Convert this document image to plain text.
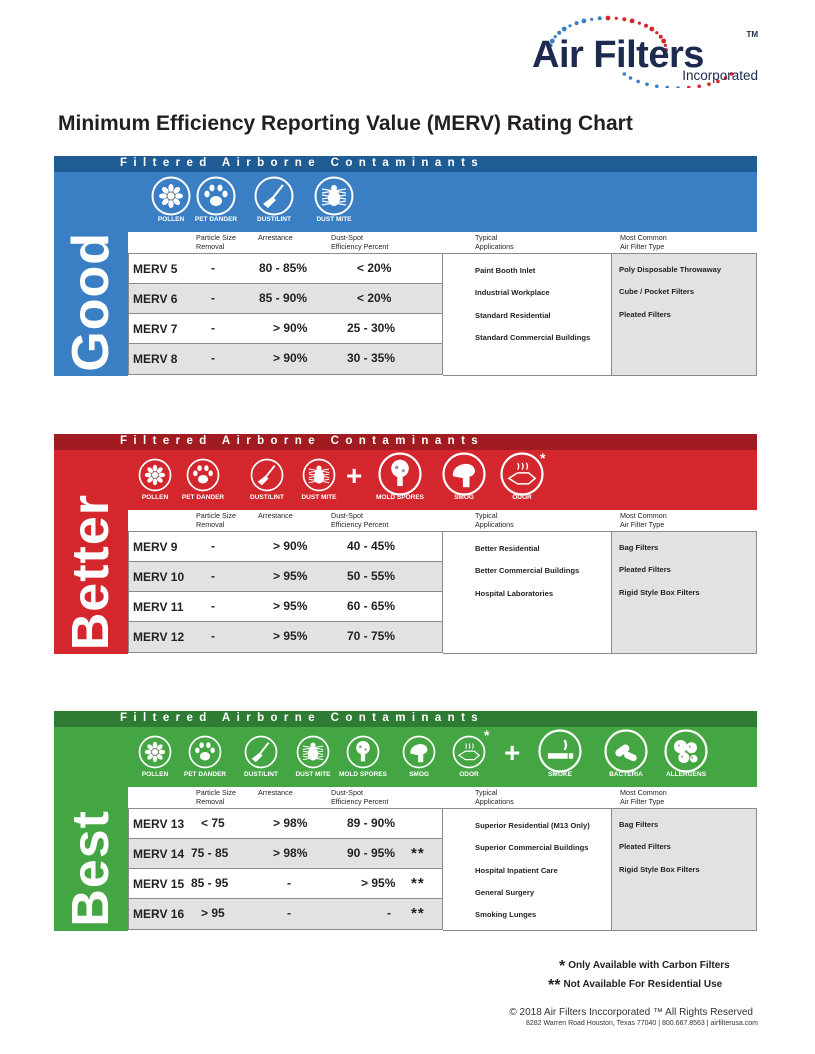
Air Filters	TM
Incorporated
Minimum Efficiency Reporting Value (MERV) Rating Chart
Filtered Airborne Contaminants
Good
POLLEN PET DANDER	DUST/LINT	DUST MITE
Particle Size
Removal
Arrestance	Dust-Spot
Efficiency Percent
Typical
Applications
Most Common
Air Filter Type
MERV 5	-	80 - 85%	< 20%
MERV 6	-	85 - 90%	< 20%
MERV 7	-	> 90%	25 - 30%
MERV 8	-	> 90%	30 - 35%
Paint Booth Inlet
Industrial Workplace
Standard Residential
Standard Commercial Buildings
Poly Disposable Throwaway
Cube / Pocket Filters
Pleated Filters
Filtered Airborne Contaminants
Better	POLLEN PET DANDER	DUST/LINT	DUST MITE	MOLD SPORES	SMOG	ODOR
+
*
Particle Size
Removal
Arrestance	Dust-Spot
Efficiency Percent
Typical
Applications
Most Common
Air Filter Type
MERV 9	-	> 90%	40 - 45%
MERV 10 -	> 95%	50 - 55%
MERV 11 -	> 95%	60 - 65%
MERV 12 -	> 95%	70 - 75%
Better Residential
Better Commercial Buildings
Hospital Laboratories
Bag Filters
Pleated Filters
Rigid Style Box Filters
Filtered Airborne Contaminants
Best
POLLEN PET DANDER	DUST/LINT	DUST MITE MOLD SPORES	SMOG	ODOR	SMOKE	BACTERIA	ALLERGENS
+
*
Particle Size
Removal
Arrestance	Dust-Spot
Efficiency Percent
Typical
Applications
Most Common
Air Filter Type
MERV 13 < 75	> 98%	89 - 90%
MERV 14 75 - 85	> 98%	90 - 95% **
MERV 15 85 - 95	-	> 95% **
MERV 16 > 95	-	- **
Superior Residential (M13 Only)
Superior Commercial Buildings
Hospital Inpatient Care
General Surgery
Smoking Lunges
Bag Filters
Pleated Filters
Rigid Style Box Filters
* Only Available with Carbon Filters
** Not Available For Residential Use
© 2018 Air Filters Inccorporated ™ All Rights Reserved
8282 Warren Road Houston, Texas 77040 | 800.667.8563 | airfilterusa.com
